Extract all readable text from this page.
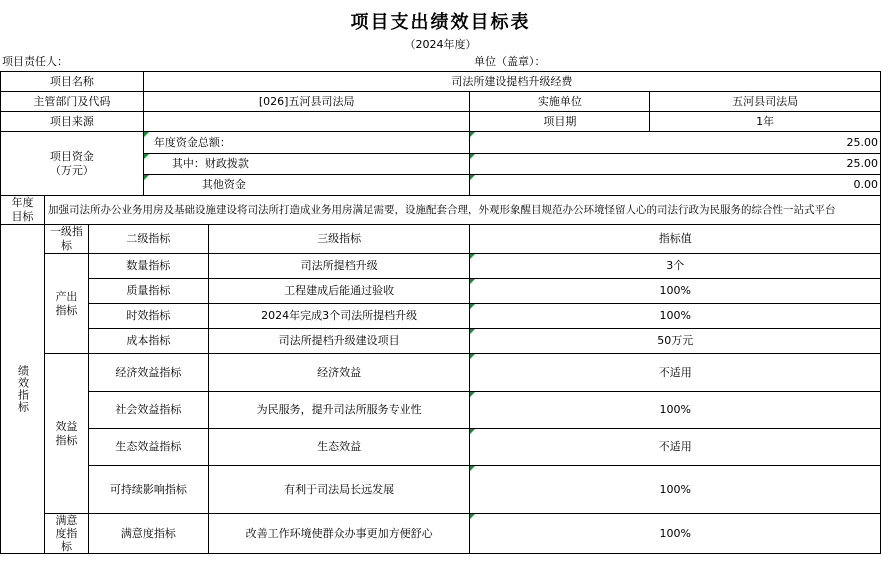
项目支出绩效目标表
（2024年度）
项目责任人：	单位（盖章）：
项目名称			司法所建设提档升级经费			
主管部门及代码			[026]五河县司法局		实施单位	五河县司法局
项目来源					项目期	1年

项目资金
（万元）			年度资金总额：		25.00	
			其中：财政拨款		25.00	
			其他资金		0.00	

年度
目标	加强司法所办公业务用房及基础设施建设将司法所打造成业务用房满足需要，设施配套合理，外观形象醒目规范办公环境怪留人心的司法行政为民服务的综合性一站式平台					

绩效指标	一级指标	二级指标		三级指标	指标值	
	产出指标	数量指标		司法所提档升级	3个	
		质量指标		工程建成后能通过验收	100%	
		时效指标		2024年完成3个司法所提档升级	100%	
		成本指标		司法所提档升级建设项目	50万元	
	效益指标	经济效益指标		经济效益	不适用	
		社会效益指标		为民服务，提升司法所服务专业性	100%	
		生态效益指标		生态效益	不适用	
		可持续影响指标		有利于司法局长远发展	100%	
	满意度指标	满意度指标		改善工作环境使群众办事更加方便舒心	100%	
